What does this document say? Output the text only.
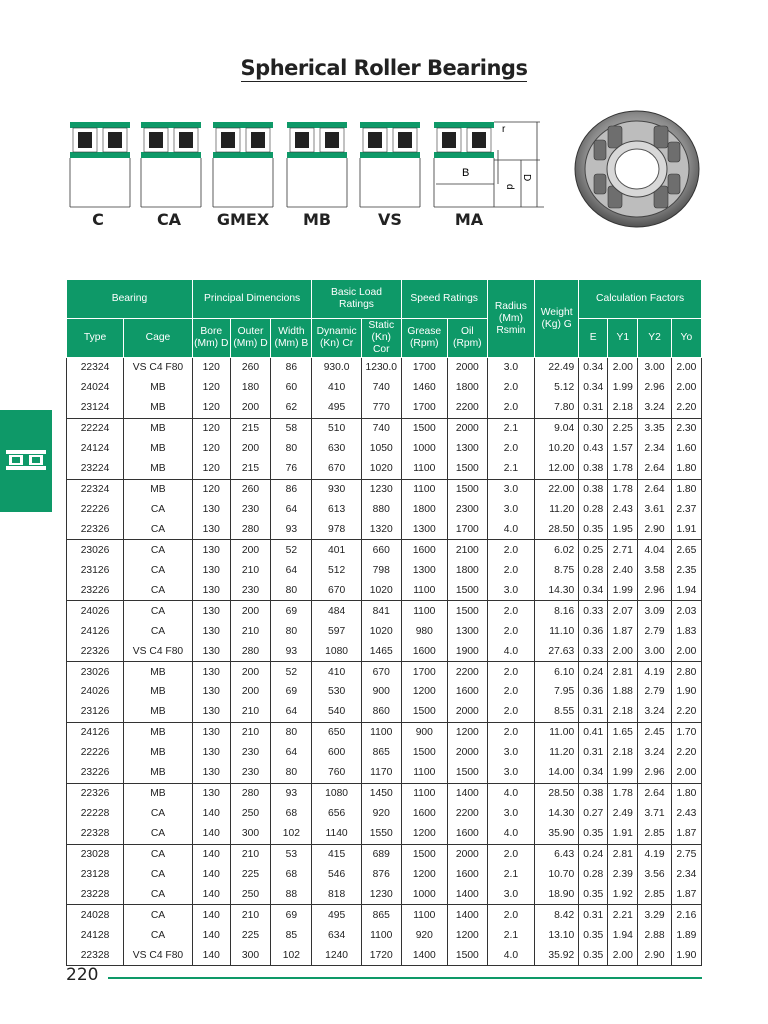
Spherical Roller Bearings
B
r
d
D
C	CA	GMEX	MB	VS	MA
Bearing		Principal Dimencions			Basic Load Ratings		Speed Ratings		Radius (Mm) Rsmin	Weight (Kg) G	Calculation Factors			
Type	Cage	Bore (Mm) D	Outer (Mm) D	Width (Mm) B	Dynamic (Kn) Cr	Static (Kn) Cor	Grease (Rpm)	Oil (Rpm)			E	Y1	Y2	Yo
22324	VS C4 F80	120	260	86	930.0	1230.0	1700	2000	3.0	22.49	0.34	2.00	3.00	2.00
24024	MB	120	180	60	410	740	1460	1800	2.0	5.12	0.34	1.99	2.96	2.00
23124	MB	120	200	62	495	770	1700	2200	2.0	7.80	0.31	2.18	3.24	2.20
22224	MB	120	215	58	510	740	1500	2000	2.1	9.04	0.30	2.25	3.35	2.30
24124	MB	120	200	80	630	1050	1000	1300	2.0	10.20	0.43	1.57	2.34	1.60
23224	MB	120	215	76	670	1020	1100	1500	2.1	12.00	0.38	1.78	2.64	1.80
22324	MB	120	260	86	930	1230	1100	1500	3.0	22.00	0.38	1.78	2.64	1.80
22226	CA	130	230	64	613	880	1800	2300	3.0	11.20	0.28	2.43	3.61	2.37
22326	CA	130	280	93	978	1320	1300	1700	4.0	28.50	0.35	1.95	2.90	1.91
23026	CA	130	200	52	401	660	1600	2100	2.0	6.02	0.25	2.71	4.04	2.65
23126	CA	130	210	64	512	798	1300	1800	2.0	8.75	0.28	2.40	3.58	2.35
23226	CA	130	230	80	670	1020	1100	1500	3.0	14.30	0.34	1.99	2.96	1.94
24026	CA	130	200	69	484	841	1100	1500	2.0	8.16	0.33	2.07	3.09	2.03
24126	CA	130	210	80	597	1020	980	1300	2.0	11.10	0.36	1.87	2.79	1.83
22326	VS C4 F80	130	280	93	1080	1465	1600	1900	4.0	27.63	0.33	2.00	3.00	2.00
23026	MB	130	200	52	410	670	1700	2200	2.0	6.10	0.24	2.81	4.19	2.80
24026	MB	130	200	69	530	900	1200	1600	2.0	7.95	0.36	1.88	2.79	1.90
23126	MB	130	210	64	540	860	1500	2000	2.0	8.55	0.31	2.18	3.24	2.20
24126	MB	130	210	80	650	1100	900	1200	2.0	11.00	0.41	1.65	2.45	1.70
22226	MB	130	230	64	600	865	1500	2000	3.0	11.20	0.31	2.18	3.24	2.20
23226	MB	130	230	80	760	1170	1100	1500	3.0	14.00	0.34	1.99	2.96	2.00
22326	MB	130	280	93	1080	1450	1100	1400	4.0	28.50	0.38	1.78	2.64	1.80
22228	CA	140	250	68	656	920	1600	2200	3.0	14.30	0.27	2.49	3.71	2.43
22328	CA	140	300	102	1140	1550	1200	1600	4.0	35.90	0.35	1.91	2.85	1.87
23028	CA	140	210	53	415	689	1500	2000	2.0	6.43	0.24	2.81	4.19	2.75
23128	CA	140	225	68	546	876	1200	1600	2.1	10.70	0.28	2.39	3.56	2.34
23228	CA	140	250	88	818	1230	1000	1400	3.0	18.90	0.35	1.92	2.85	1.87
24028	CA	140	210	69	495	865	1100	1400	2.0	8.42	0.31	2.21	3.29	2.16
24128	CA	140	225	85	634	1100	920	1200	2.1	13.10	0.35	1.94	2.88	1.89
22328	VS C4 F80	140	300	102	1240	1720	1400	1500	4.0	35.92	0.35	2.00	2.90	1.90
220
